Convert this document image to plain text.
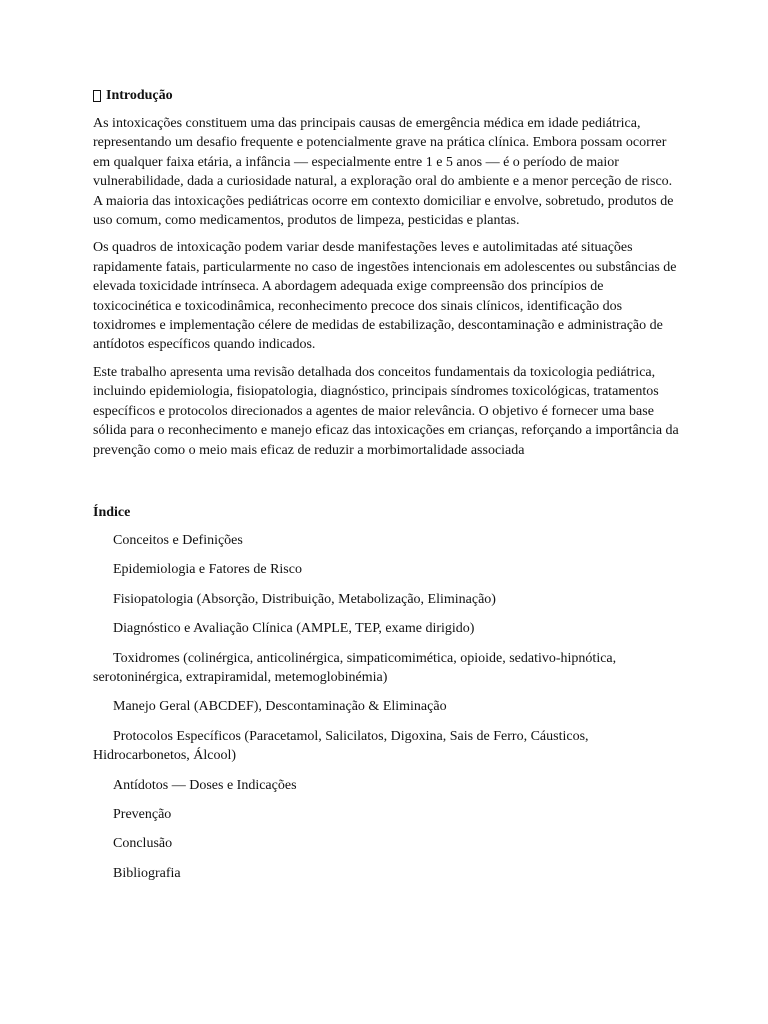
Introdução

As intoxicações constituem uma das principais causas de emergência médica em idade pediátrica, representando um desafio frequente e potencialmente grave na prática clínica. Embora possam ocorrer em qualquer faixa etária, a infância — especialmente entre 1 e 5 anos — é o período de maior vulnerabilidade, dada a curiosidade natural, a exploração oral do ambiente e a menor perceção de risco. A maioria das intoxicações pediátricas ocorre em contexto domiciliar e envolve, sobretudo, produtos de uso comum, como medicamentos, produtos de limpeza, pesticidas e plantas.

Os quadros de intoxicação podem variar desde manifestações leves e autolimitadas até situações rapidamente fatais, particularmente no caso de ingestões intencionais em adolescentes ou substâncias de elevada toxicidade intrínseca. A abordagem adequada exige compreensão dos princípios de toxicocinética e toxicodinâmica, reconhecimento precoce dos sinais clínicos, identificação dos toxidromes e implementação célere de medidas de estabilização, descontaminação e administração de antídotos específicos quando indicados.

Este trabalho apresenta uma revisão detalhada dos conceitos fundamentais da toxicologia pediátrica, incluindo epidemiologia, fisiopatologia, diagnóstico, principais síndromes toxicológicas, tratamentos específicos e protocolos direcionados a agentes de maior relevância. O objetivo é fornecer uma base sólida para o reconhecimento e manejo eficaz das intoxicações em crianças, reforçando a importância da prevenção como o meio mais eficaz de reduzir a morbimortalidade associada

Índice
Conceitos e Definições
Epidemiologia e Fatores de Risco
Fisiopatologia (Absorção, Distribuição, Metabolização, Eliminação)
Diagnóstico e Avaliação Clínica (AMPLE, TEP, exame dirigido)
Toxidromes (colinérgica, anticolinérgica, simpaticomimética, opioide, sedativo-hipnótica, serotoninérgica, extrapiramidal, metemoglobinémia)
Manejo Geral (ABCDEF), Descontaminação & Eliminação
Protocolos Específicos (Paracetamol, Salicilatos, Digoxina, Sais de Ferro, Cáusticos, Hidrocarbonetos, Álcool)
Antídotos — Doses e Indicações
Prevenção
Conclusão
Bibliografia
